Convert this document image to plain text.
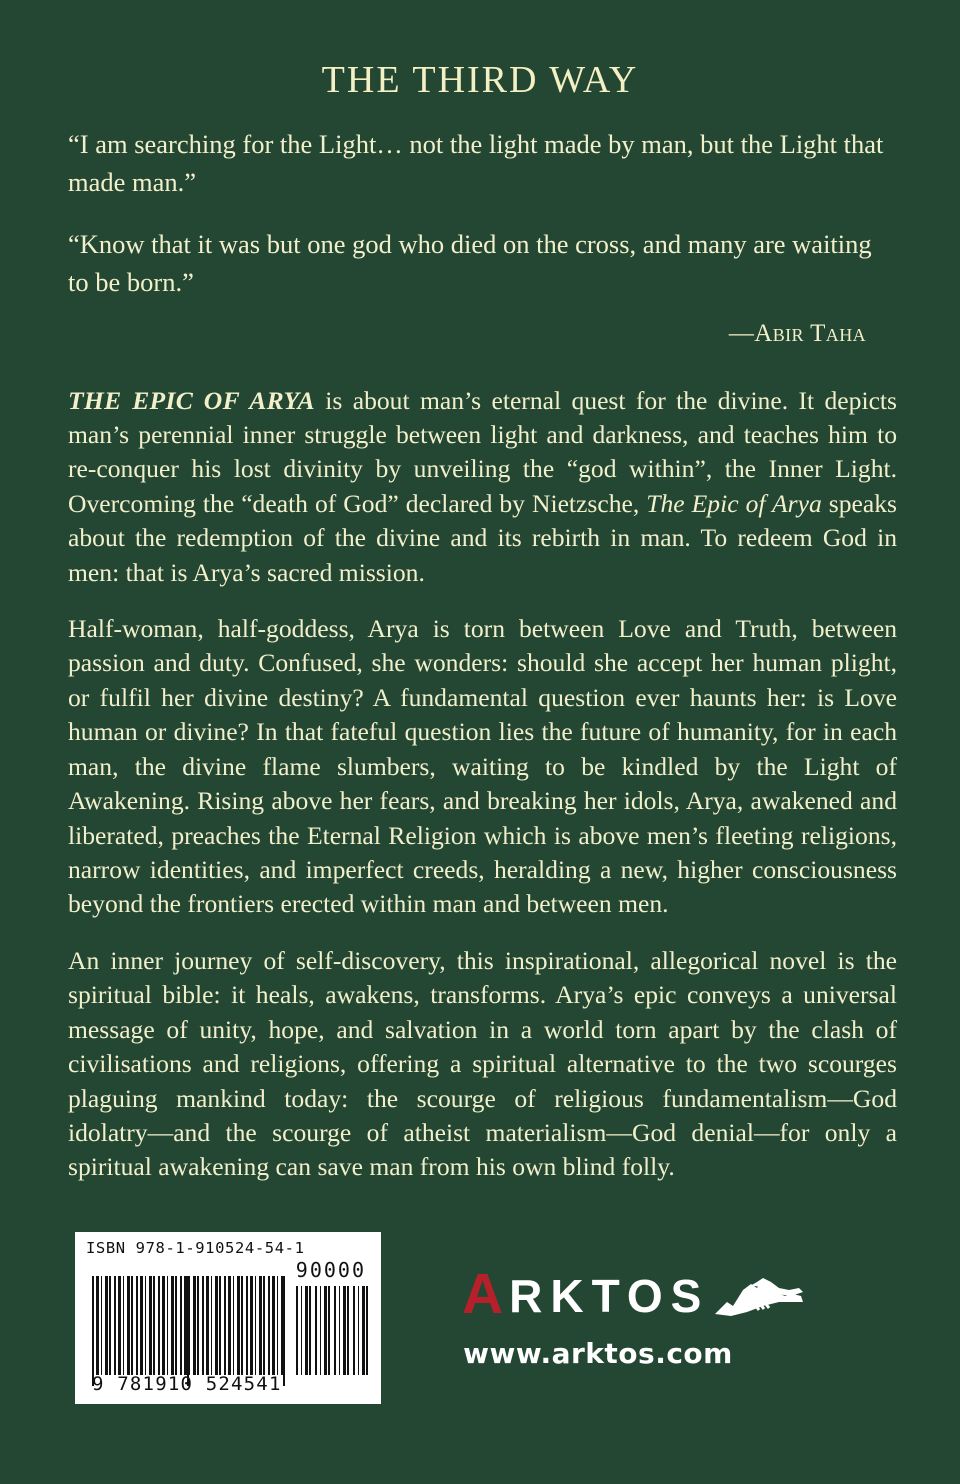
THE THIRD WAY

“I am searching for the Light… not the light made by man, but the Light that made man.”

“Know that it was but one god who died on the cross, and many are waiting to be born.”

—Abir Taha

THE EPIC OF ARYA is about man’s eternal quest for the divine. It depicts man’s perennial inner struggle between light and darkness, and teaches him to re-conquer his lost divinity by unveiling the “god within”, the Inner Light. Overcoming the “death of God” declared by Nietzsche, The Epic of Arya speaks about the redemption of the divine and its rebirth in man. To redeem God in men: that is Arya’s sacred mission.

Half-woman, half-goddess, Arya is torn between Love and Truth, between passion and duty. Confused, she wonders: should she accept her human plight, or fulfil her divine destiny? A fundamental question ever haunts her: is Love human or divine? In that fateful question lies the future of humanity, for in each man, the divine flame slumbers, waiting to be kindled by the Light of Awakening. Rising above her fears, and breaking her idols, Arya, awakened and liberated, preaches the Eternal Religion which is above men’s fleeting religions, narrow identities, and imperfect creeds, heralding a new, higher consciousness beyond the frontiers erected within man and between men.

An inner journey of self-discovery, this inspirational, allegorical novel is the spiritual bible: it heals, awakens, transforms. Arya’s epic conveys a universal message of unity, hope, and salvation in a world torn apart by the clash of civilisations and religions, offering a spiritual alternative to the two scourges plaguing mankind today: the scourge of religious fundamentalism—God idolatry—and the scourge of atheist materialism—God denial—for only a spiritual awakening can save man from his own blind folly.

ISBN 978-1-910524-54-1
90000
9 781910 524541
A RKTOS
www.arktos.com
